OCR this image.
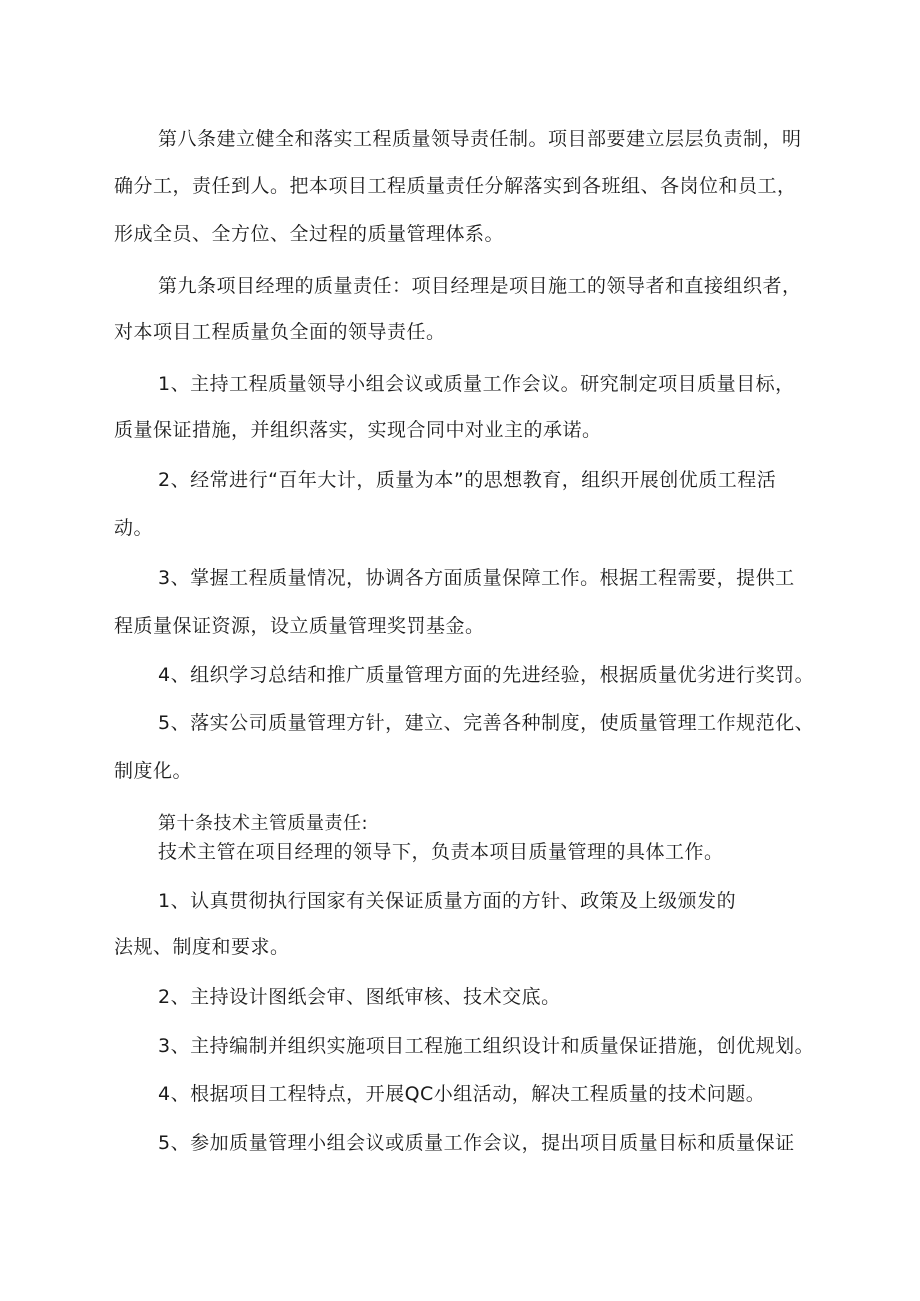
第八条建立健全和落实工程质量领导责任制。项目部要建立层层负责制，明
确分工，责任到人。把本项目工程质量责任分解落实到各班组、各岗位和员工，
形成全员、全方位、全过程的质量管理体系。
第九条项目经理的质量责任：项目经理是项目施工的领导者和直接组织者，
对本项目工程质量负全面的领导责任。
1、主持工程质量领导小组会议或质量工作会议。研究制定项目质量目标，
质量保证措施，并组织落实，实现合同中对业主的承诺。
2、经常进行“百年大计，质量为本”的思想教育，组织开展创优质工程活
动。
3、掌握工程质量情况，协调各方面质量保障工作。根据工程需要，提供工
程质量保证资源，设立质量管理奖罚基金。
4、组织学习总结和推广质量管理方面的先进经验，根据质量优劣进行奖罚。
5、落实公司质量管理方针，建立、完善各种制度，使质量管理工作规范化、
制度化。
第十条技术主管质量责任:
技术主管在项目经理的领导下，负责本项目质量管理的具体工作。
1、认真贯彻执行国家有关保证质量方面的方针、政策及上级颁发的
法规、制度和要求。
2、主持设计图纸会审、图纸审核、技术交底。
3、主持编制并组织实施项目工程施工组织设计和质量保证措施，创优规划。
4、根据项目工程特点，开展QC小组活动，解决工程质量的技术问题。
5、参加质量管理小组会议或质量工作会议，提出项目质量目标和质量保证
